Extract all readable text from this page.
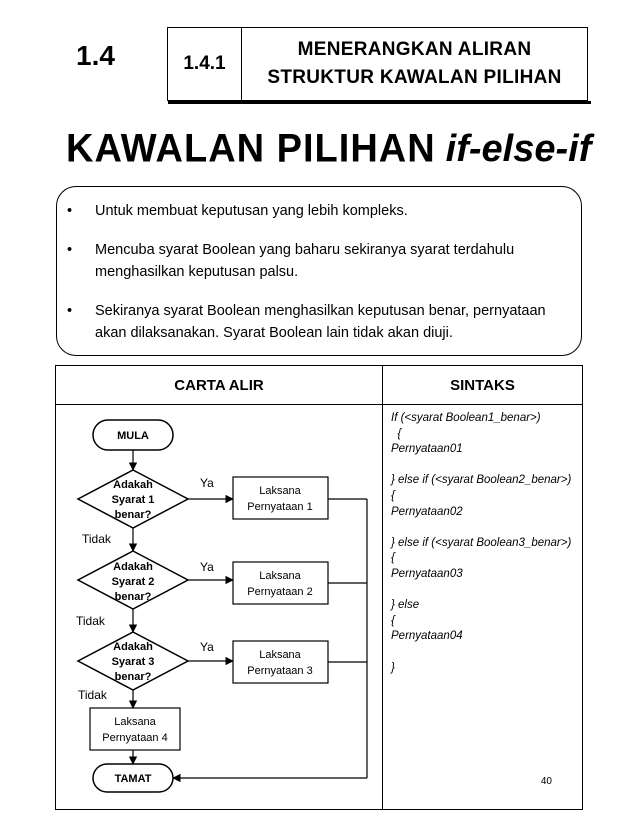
1.4	1.4.1
MENERANGKAN ALIRAN
STRUKTUR KAWALAN PILIHAN
KAWALAN PILIHAN if-else-if
• Untuk membuat keputusan yang lebih kompleks.
• Mencuba syarat Boolean yang baharu sekiranya syarat terdahulu menghasilkan keputusan palsu.
• Sekiranya syarat Boolean menghasilkan keputusan benar, pernyataan akan dilaksanakan. Syarat Boolean lain tidak akan diuji.
CARTA ALIR	SINTAKS
If (<syarat Boolean1_benar>)
{
Pernyataan01
} else if (<syarat Boolean2_benar>)
{
Pernyataan02
} else if (<syarat Boolean3_benar>)
{
Pernyataan03
} else
{
Pernyataan04
}
40
MULA
Adakah
Syarat 1
benar?
Ya
Laksana
Pernyataan 1
Tidak
Adakah
Syarat 2
benar?
Ya
Laksana
Pernyataan 2
Tidak
Adakah
Syarat 3
benar?
Ya
Laksana
Pernyataan 3
Tidak
Laksana
Pernyataan 4
TAMAT
